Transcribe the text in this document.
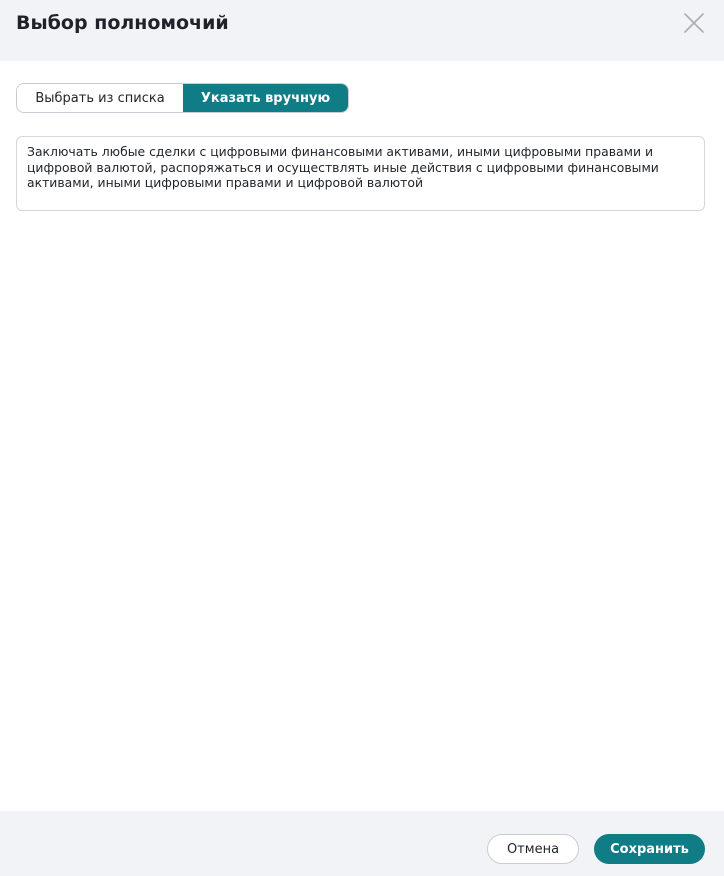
Выбор полномочий
Выбрать из списка	Указать вручную
Заключать любые сделки с цифровыми финансовыми активами, иными цифровыми правами и цифровой валютой, распоряжаться и осуществлять иные действия с цифровыми финансовыми активами, иными цифровыми правами и цифровой валютой
Отмена	Сохранить
